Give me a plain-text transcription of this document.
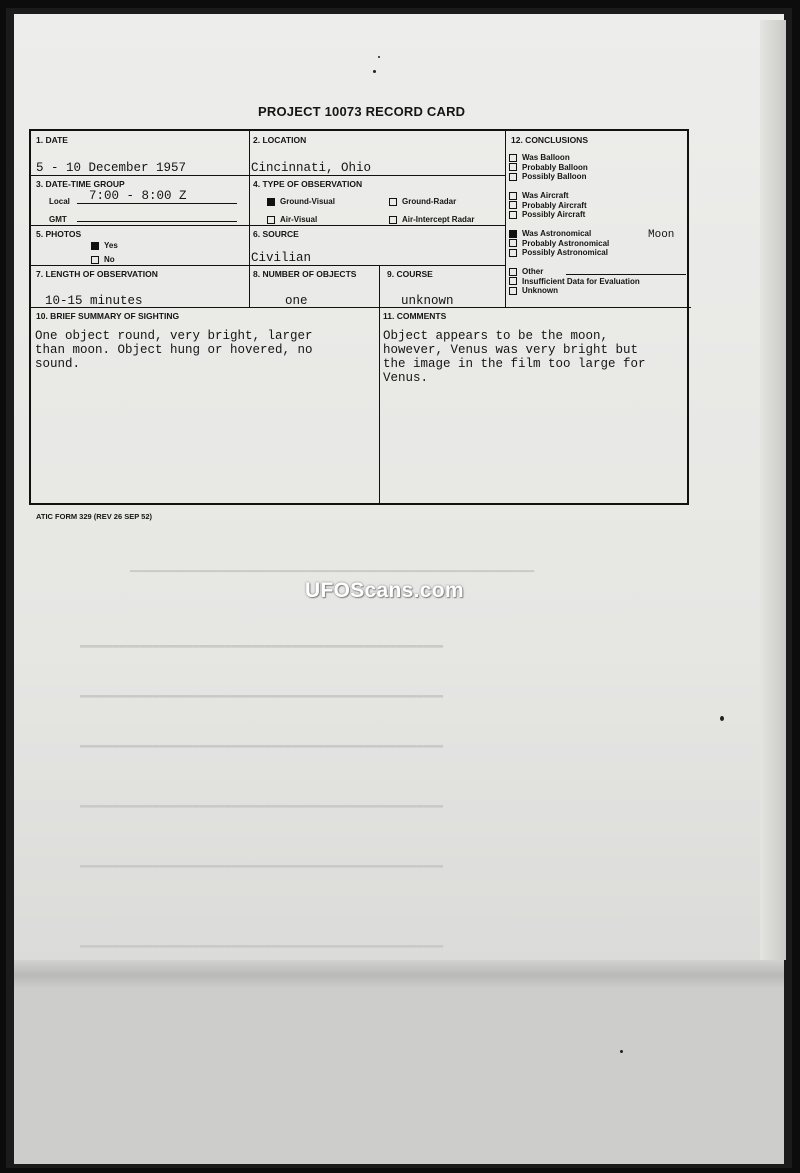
━━━━━━━━━━━━━━━━━━━━━━━━━━━━━━━━━━━━━━━━━━━━━━━━━━━━━━━━━━━━━
▬▬▬▬▬▬▬▬▬▬▬▬▬▬▬▬▬▬▬▬▬▬▬▬▬▬▬▬▬▬▬▬▬▬▬▬▬▬▬▬▬▬▬▬▬▬▬▬▬▬▬▬▬▬▬
▬▬▬▬▬▬▬▬▬▬▬▬▬▬▬▬▬▬▬▬▬▬▬▬▬▬▬▬▬▬▬▬▬▬▬▬▬▬▬▬▬▬▬▬▬▬▬▬▬▬▬▬▬▬▬
▬▬▬▬▬▬▬▬▬▬▬▬▬▬▬▬▬▬▬▬▬▬▬▬▬▬▬▬▬▬▬▬▬▬▬▬▬▬▬▬▬▬▬▬▬▬▬▬▬▬▬▬▬▬▬
▬▬▬▬▬▬▬▬▬▬▬▬▬▬▬▬▬▬▬▬▬▬▬▬▬▬▬▬▬▬▬▬▬▬▬▬▬▬▬▬▬▬▬▬▬▬▬▬▬▬▬▬▬▬▬
▬▬▬▬▬▬▬▬▬▬▬▬▬▬▬▬▬▬▬▬▬▬▬▬▬▬▬▬▬▬▬▬▬▬▬▬▬▬▬▬▬▬▬▬▬▬▬▬▬▬▬▬▬▬▬
▬▬▬▬▬▬▬▬▬▬▬▬▬▬▬▬▬▬▬▬▬▬▬▬▬▬▬▬▬▬▬▬▬▬▬▬▬▬▬▬▬▬▬▬▬▬▬▬▬▬▬▬▬▬▬
PROJECT 10073 RECORD CARD
1. DATE
5 - 10 December 1957
2. LOCATION
Cincinnati, Ohio
3. DATE-TIME GROUP
Local 7:00 - 8:00 Z
GMT
4. TYPE OF OBSERVATION
Ground-Visual	Ground-Radar
Air-Visual	Air-Intercept Radar
5. PHOTOS
Yes
No
6. SOURCE
Civilian
7. LENGTH OF OBSERVATION
10-15 minutes
8. NUMBER OF OBJECTS
one
9. COURSE
unknown
10. BRIEF SUMMARY OF SIGHTING
One object round, very bright, larger
than moon. Object hung or hovered, no
sound.
11. COMMENTS
Object appears to be the moon,
however, Venus was very bright but
the image in the film too large for
Venus.
12. CONCLUSIONS
Was Balloon
Probably Balloon
Possibly Balloon
Was Aircraft
Probably Aircraft
Possibly Aircraft
Was Astronomical
Probably Astronomical
Possibly Astronomical
Other
Insufficient Data for Evaluation
Unknown
Moon
ATIC FORM 329 (REV 26 SEP 52)
UFOScans.com
